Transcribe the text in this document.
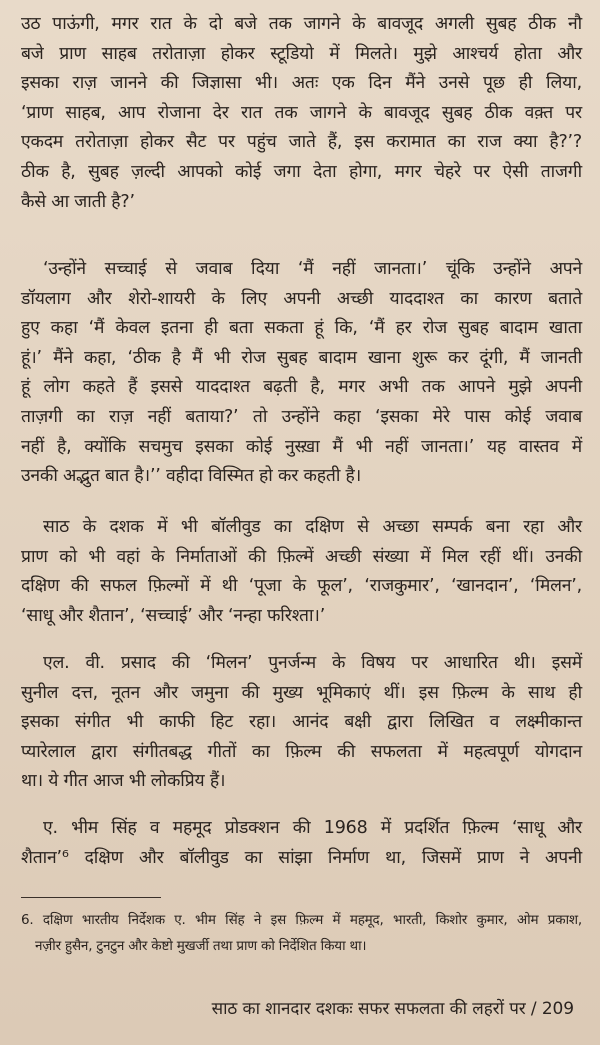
उठ पाऊंगी, मगर रात के दो बजे तक जागने के बावजूद अगली सुबह ठीक नौ
बजे प्राण साहब तरोताज़ा होकर स्टूडियो में मिलते। मुझे आश्चर्य होता और
इसका राज़ जानने की जिज्ञासा भी। अतः एक दिन मैंने उनसे पूछ ही लिया,
‘प्राण साहब, आप रोजाना देर रात तक जागने के बावजूद सुबह ठीक वक़्त पर
एकदम तरोताज़ा होकर सैट पर पहुंच जाते हैं, इस करामात का राज क्या है?’?
ठीक है, सुबह ज़ल्दी आपको कोई जगा देता होगा, मगर चेहरे पर ऐसी ताजगी
कैसे आ जाती है?’
‘उन्होंने सच्चाई से जवाब दिया ‘मैं नहीं जानता।’ चूंकि उन्होंने अपने
डॉयलाग और शेरो-शायरी के लिए अपनी अच्छी याददाश्त का कारण बताते
हुए कहा ‘मैं केवल इतना ही बता सकता हूं कि, ‘मैं हर रोज सुबह बादाम खाता
हूं।’ मैंने कहा, ‘ठीक है मैं भी रोज सुबह बादाम खाना शुरू कर दूंगी, मैं जानती
हूं लोग कहते हैं इससे याददाश्त बढ़ती है, मगर अभी तक आपने मुझे अपनी
ताज़गी का राज़ नहीं बताया?’ तो उन्होंने कहा ‘इसका मेरे पास कोई जवाब
नहीं है, क्योंकि सचमुच इसका कोई नुस्ख़ा मैं भी नहीं जानता।’ यह वास्तव में
उनकी अद्भुत बात है।’’ वहीदा विस्मित हो कर कहती है।
साठ के दशक में भी बॉलीवुड का दक्षिण से अच्छा सम्पर्क बना रहा और
प्राण को भी वहां के निर्माताओं की फ़िल्में अच्छी संख्या में मिल रहीं थीं। उनकी
दक्षिण की सफल फ़िल्मों में थी ‘पूजा के फूल’, ‘राजकुमार’, ‘खानदान’, ‘मिलन’,
‘साधू और शैतान’, ‘सच्चाई’ और ‘नन्हा फरिश्ता।’
एल. वी. प्रसाद की ‘मिलन’ पुनर्जन्म के विषय पर आधारित थी। इसमें
सुनील दत्त, नूतन और जमुना की मुख्य भूमिकाएं थीं। इस फ़िल्म के साथ ही
इसका संगीत भी काफी हिट रहा। आनंद बक्षी द्वारा लिखित व लक्ष्मीकान्त
प्यारेलाल द्वारा संगीतबद्ध गीतों का फ़िल्म की सफलता में महत्वपूर्ण योगदान
था। ये गीत आज भी लोकप्रिय हैं।
ए. भीम सिंह व महमूद प्रोडक्शन की 1968 में प्रदर्शित फ़िल्म ‘साधू और
शैतान’⁶ दक्षिण और बॉलीवुड का सांझा निर्माण था, जिसमें प्राण ने अपनी
6. दक्षिण भारतीय निर्देशक ए. भीम सिंह ने इस फ़िल्म में महमूद, भारती, किशोर कुमार, ओम प्रकाश,
नज़ीर हुसैन, टुनटुन और केष्टो मुखर्जी तथा प्राण को निर्देशित किया था।
साठ का शानदार दशकः सफर सफलता की लहरों पर / 209
